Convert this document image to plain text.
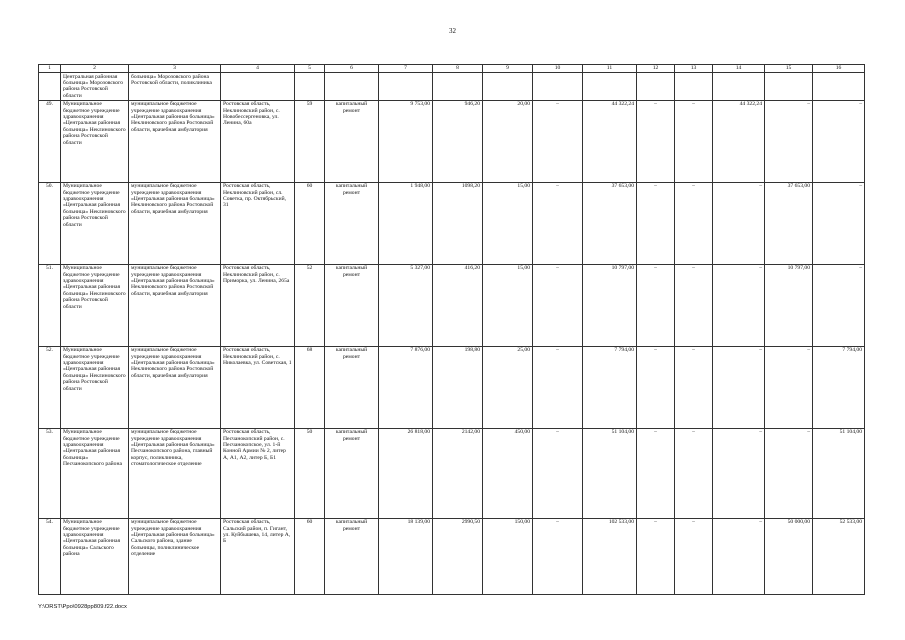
32
1	2	3	4	5	6	7	8	9	10	11	12	13	14	15	16
	Центральная районная больница» Морозовского района Ростовской области	больница» Морозовского района Ростовской области, поликлиника													
49.	Муниципальное бюджетное учреждение здравоохранения «Центральная районная больница» Неклиновского района Ростовской области	муниципальное бюджетное учреждение здравоохранения «Центральная районная больница» Неклиновского района Ростовской области, врачебная амбулатория	Ростовская область, Неклиновский район, с. Новобессергеновка, ул. Ленина, 60а	59	капитальный ремонт	9 753,00	946,20	20,00	–	44 322,24	–	–	44 322,24	–	–
50.	Муниципальное бюджетное учреждение здравоохранения «Центральная районная больница» Неклиновского района Ростовской области	муниципальное бюджетное учреждение здравоохранения «Центральная районная больница» Неклиновского района Ростовской области, врачебная амбулатория	Ростовская область, Неклиновский район, сл. Советка, пр. Октябрьский, 31	60	капитальный ремонт	1 948,00	1098,20	15,00	–	37 653,00	–	–	–	37 653,00	–
51.	Муниципальное бюджетное учреждение здравоохранения «Центральная районная больница» Неклиновского района Ростовской области	муниципальное бюджетное учреждение здравоохранения «Центральная районная больница» Неклиновского района Ростовской области, врачебная амбулатория	Ростовская область, Неклиновский район, с. Приморка, ул. Ленина, 265а	52	капитальный ремонт	5 327,00	416,20	15,00	–	10 797,00	–	–	–	10 797,00	–
52.	Муниципальное бюджетное учреждение здравоохранения «Центральная районная больница» Неклиновского района Ростовской области	муниципальное бюджетное учреждение здравоохранения «Центральная районная больница» Неклиновского района Ростовской области, врачебная амбулатория	Ростовская область, Неклиновский район, с. Николаевка, ул. Советская, 1	68	капитальный ремонт	7 876,00	198,80	25,00	–	7 794,00	–	–	–	–	7 794,00
53.	Муниципальное бюджетное учреждение здравоохранения «Центральная районная больница» Песчанокопского района	муниципальное бюджетное учреждение здравоохранения «Центральная районная больница» Песчанокопского района, главный корпус, поликлиника, стоматологическое отделение	Ростовская область, Песчанокопский район, с. Песчанокопское, ул. 1-й Конной Армии № 2, литер А, А1, А2, литер Б, Б1	50	капитальный ремонт	26 818,00	2142,00	450,00	–	51 104,00	–	–	–	–	51 104,00
54.	Муниципальное бюджетное учреждение здравоохранения «Центральная районная больница» Сальского района	муниципальное бюджетное учреждение здравоохранения «Центральная районная больница» Сальского района, здание больницы, поликлиническое отделение	Ростовская область, Сальский район, п. Гигант, ул. Куйбышева, 14, литер А, Б	60	капитальный ремонт	18 139,00	2990,50	150,00	–	102 533,00	–	–	–	50 000,00	52 533,00
Y:\ORST\Ppo\0928pp809.f22.docx
